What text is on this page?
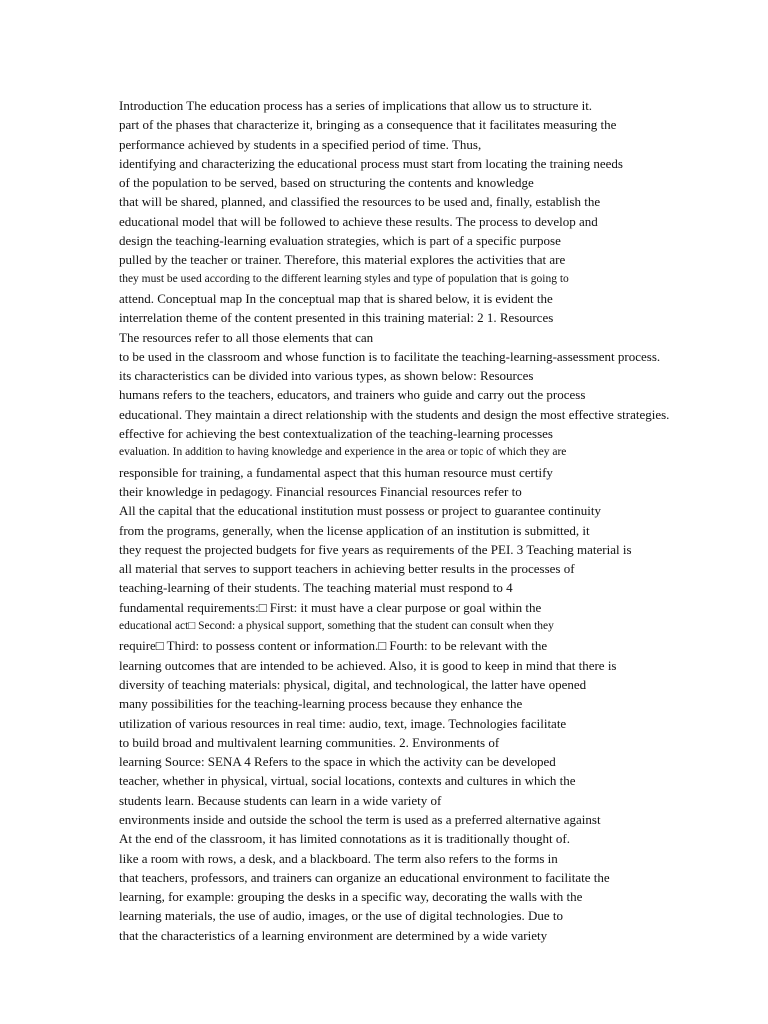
Introduction The education process has a series of implications that allow us to structure it.
part of the phases that characterize it, bringing as a consequence that it facilitates measuring the
performance achieved by students in a specified period of time. Thus,
identifying and characterizing the educational process must start from locating the training needs
of the population to be served, based on structuring the contents and knowledge
that will be shared, planned, and classified the resources to be used and, finally, establish the
educational model that will be followed to achieve these results. The process to develop and
design the teaching-learning evaluation strategies, which is part of a specific purpose
pulled by the teacher or trainer. Therefore, this material explores the activities that are
they must be used according to the different learning styles and type of population that is going to
attend. Conceptual map In the conceptual map that is shared below, it is evident the
interrelation theme of the content presented in this training material: 2 1. Resources
The resources refer to all those elements that can
to be used in the classroom and whose function is to facilitate the teaching-learning-assessment process.
its characteristics can be divided into various types, as shown below: Resources
humans refers to the teachers, educators, and trainers who guide and carry out the process
educational. They maintain a direct relationship with the students and design the most effective strategies.
effective for achieving the best contextualization of the teaching-learning processes
evaluation. In addition to having knowledge and experience in the area or topic of which they are
responsible for training, a fundamental aspect that this human resource must certify
their knowledge in pedagogy. Financial resources Financial resources refer to
All the capital that the educational institution must possess or project to guarantee continuity
from the programs, generally, when the license application of an institution is submitted, it
they request the projected budgets for five years as requirements of the PEI. 3 Teaching material is
all material that serves to support teachers in achieving better results in the processes of
teaching-learning of their students. The teaching material must respond to 4
fundamental requirements:□ First: it must have a clear purpose or goal within the
educational act□ Second: a physical support, something that the student can consult when they
require□ Third: to possess content or information.□ Fourth: to be relevant with the
learning outcomes that are intended to be achieved. Also, it is good to keep in mind that there is
diversity of teaching materials: physical, digital, and technological, the latter have opened
many possibilities for the teaching-learning process because they enhance the
utilization of various resources in real time: audio, text, image. Technologies facilitate
to build broad and multivalent learning communities. 2. Environments of
learning Source: SENA 4 Refers to the space in which the activity can be developed
teacher, whether in physical, virtual, social locations, contexts and cultures in which the
students learn. Because students can learn in a wide variety of
environments inside and outside the school the term is used as a preferred alternative against
At the end of the classroom, it has limited connotations as it is traditionally thought of.
like a room with rows, a desk, and a blackboard. The term also refers to the forms in
that teachers, professors, and trainers can organize an educational environment to facilitate the
learning, for example: grouping the desks in a specific way, decorating the walls with the
learning materials, the use of audio, images, or the use of digital technologies. Due to
that the characteristics of a learning environment are determined by a wide variety
